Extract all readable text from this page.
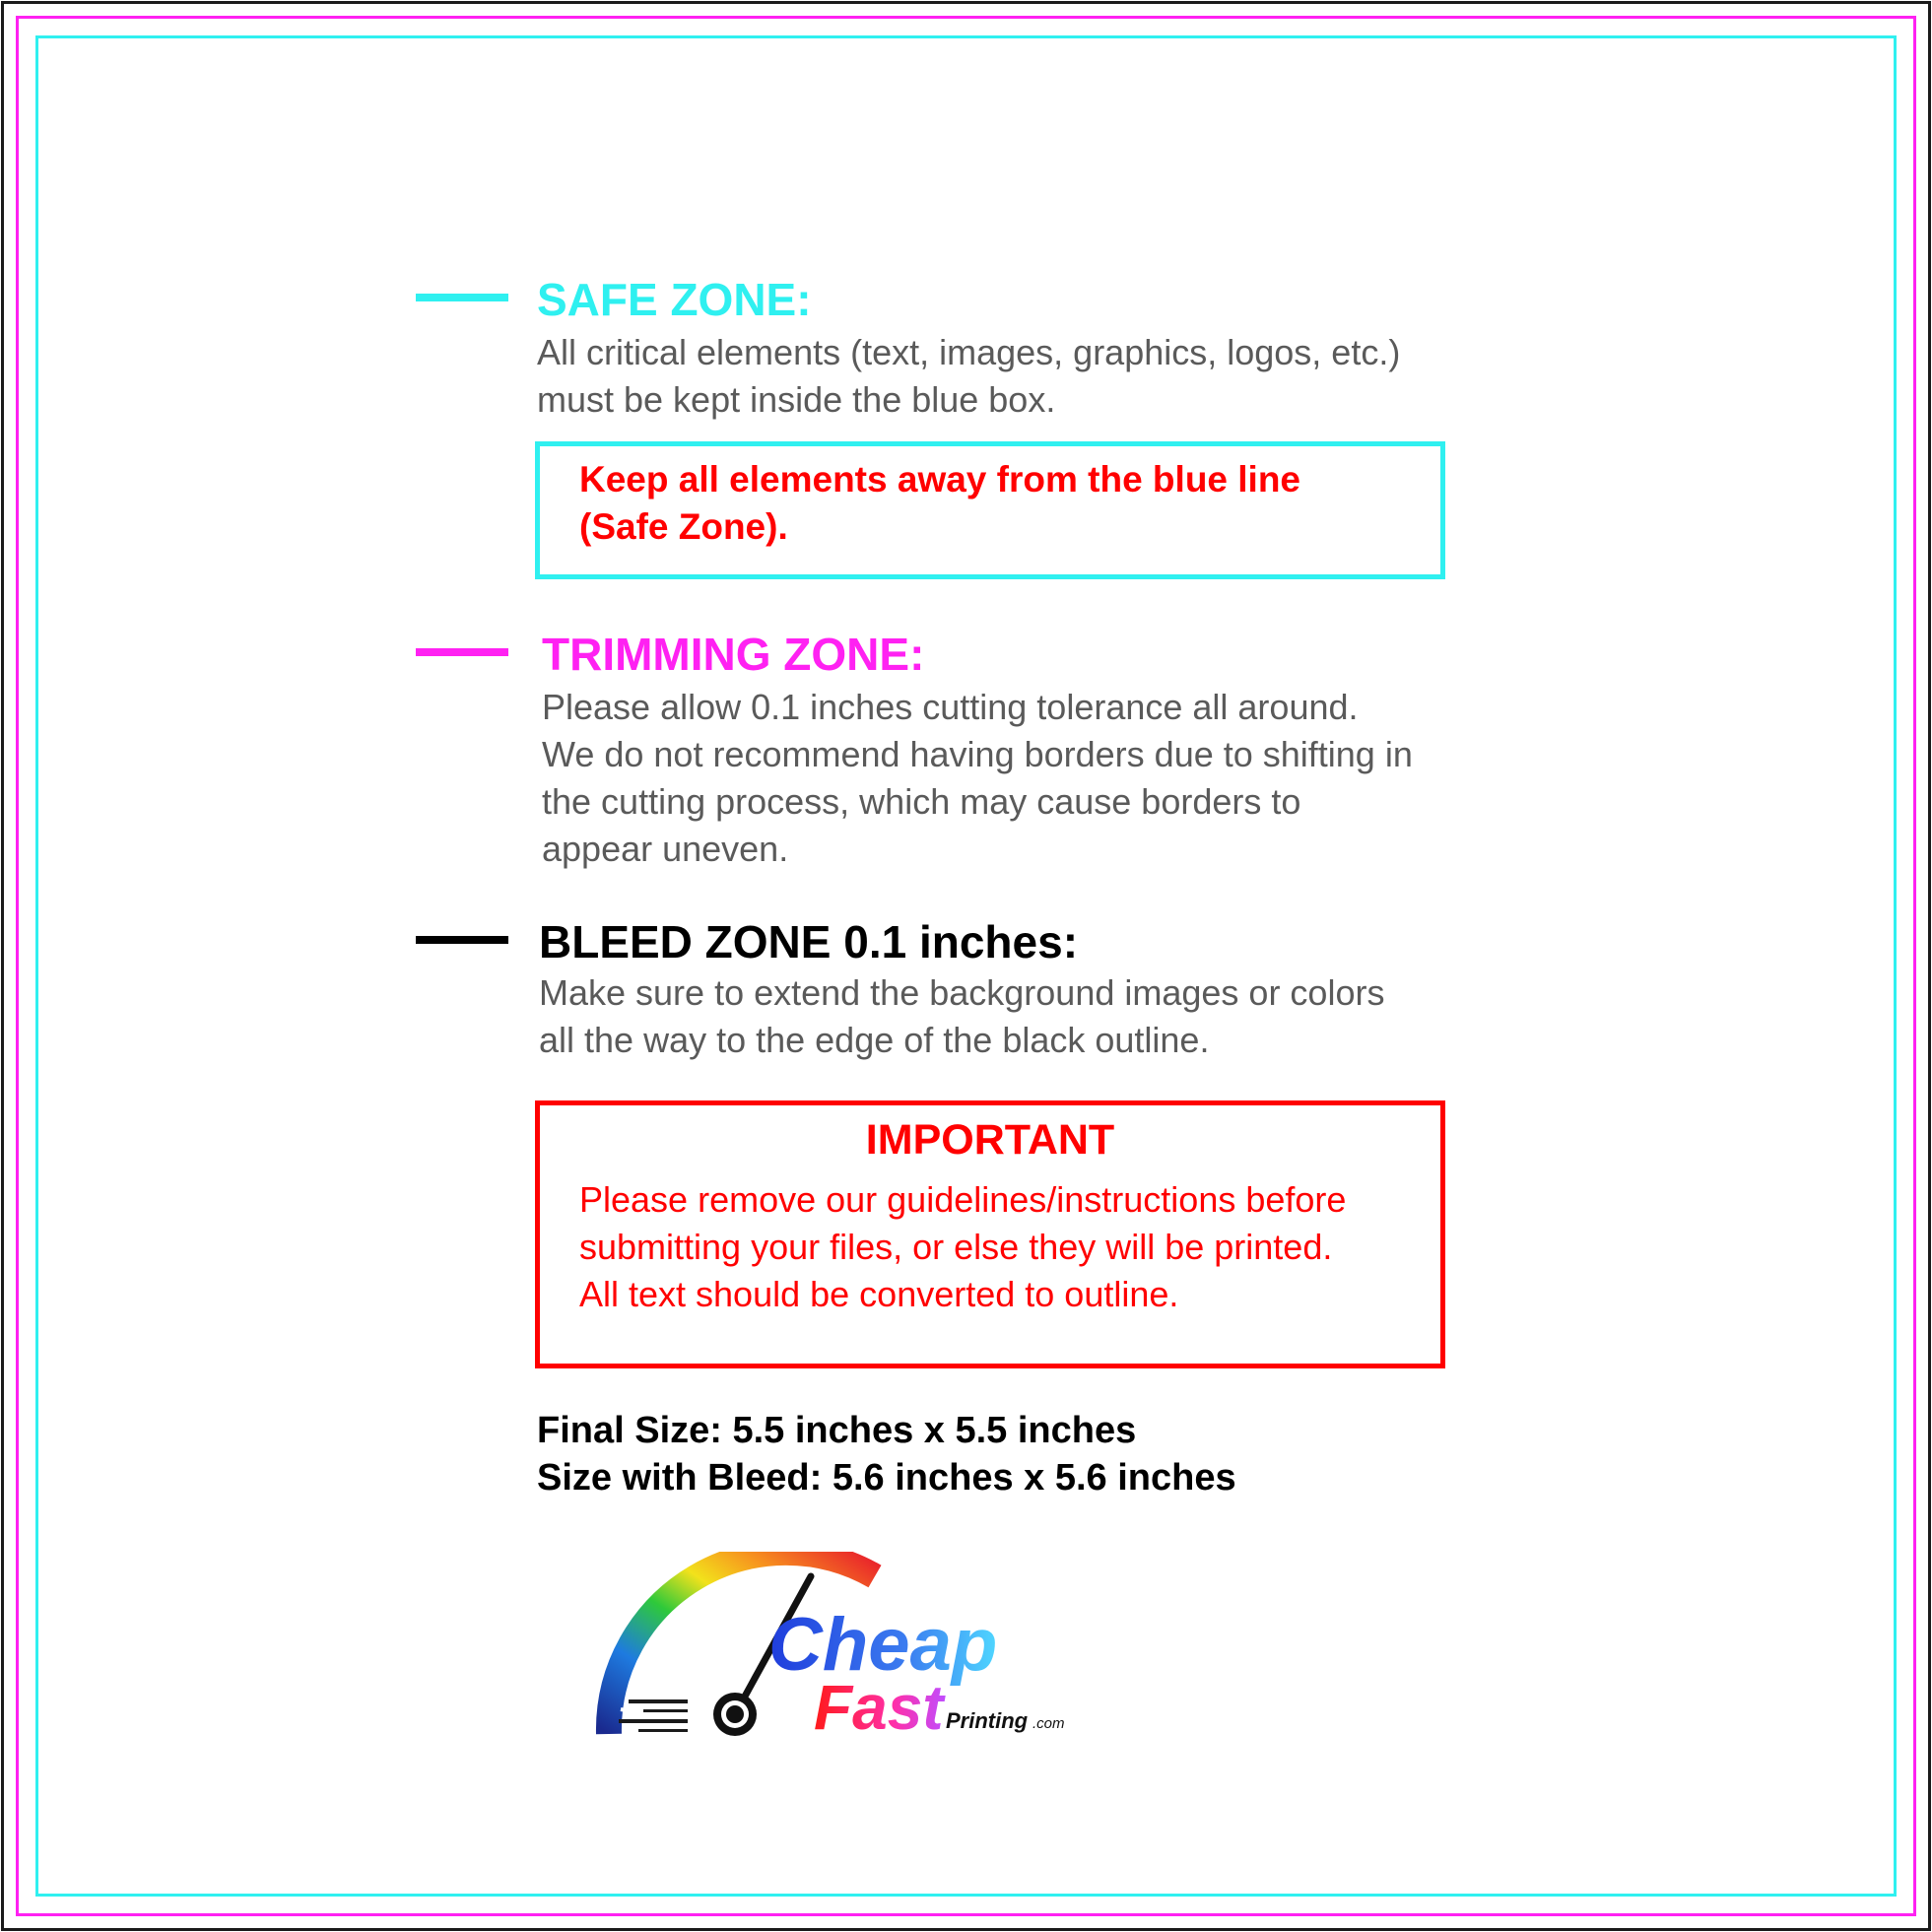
SAFE ZONE:

All critical elements (text, images, graphics, logos, etc.)
must be kept inside the blue box.

Keep all elements away from the blue line
(Safe Zone).

TRIMMING ZONE:

Please allow 0.1 inches cutting tolerance all around.
We do not recommend having borders due to shifting in
the cutting process, which may cause borders to
appear uneven.

BLEED ZONE 0.1 inches:

Make sure to extend the background images or colors
all the way to the edge of the black outline.

IMPORTANT

Please remove our guidelines/instructions before
submitting your files, or else they will be printed.
All text should be converted to outline.

Final Size: 5.5 inches x 5.5 inches
Size with Bleed: 5.6 inches x 5.6 inches

Cheap
Fast Printing .com
